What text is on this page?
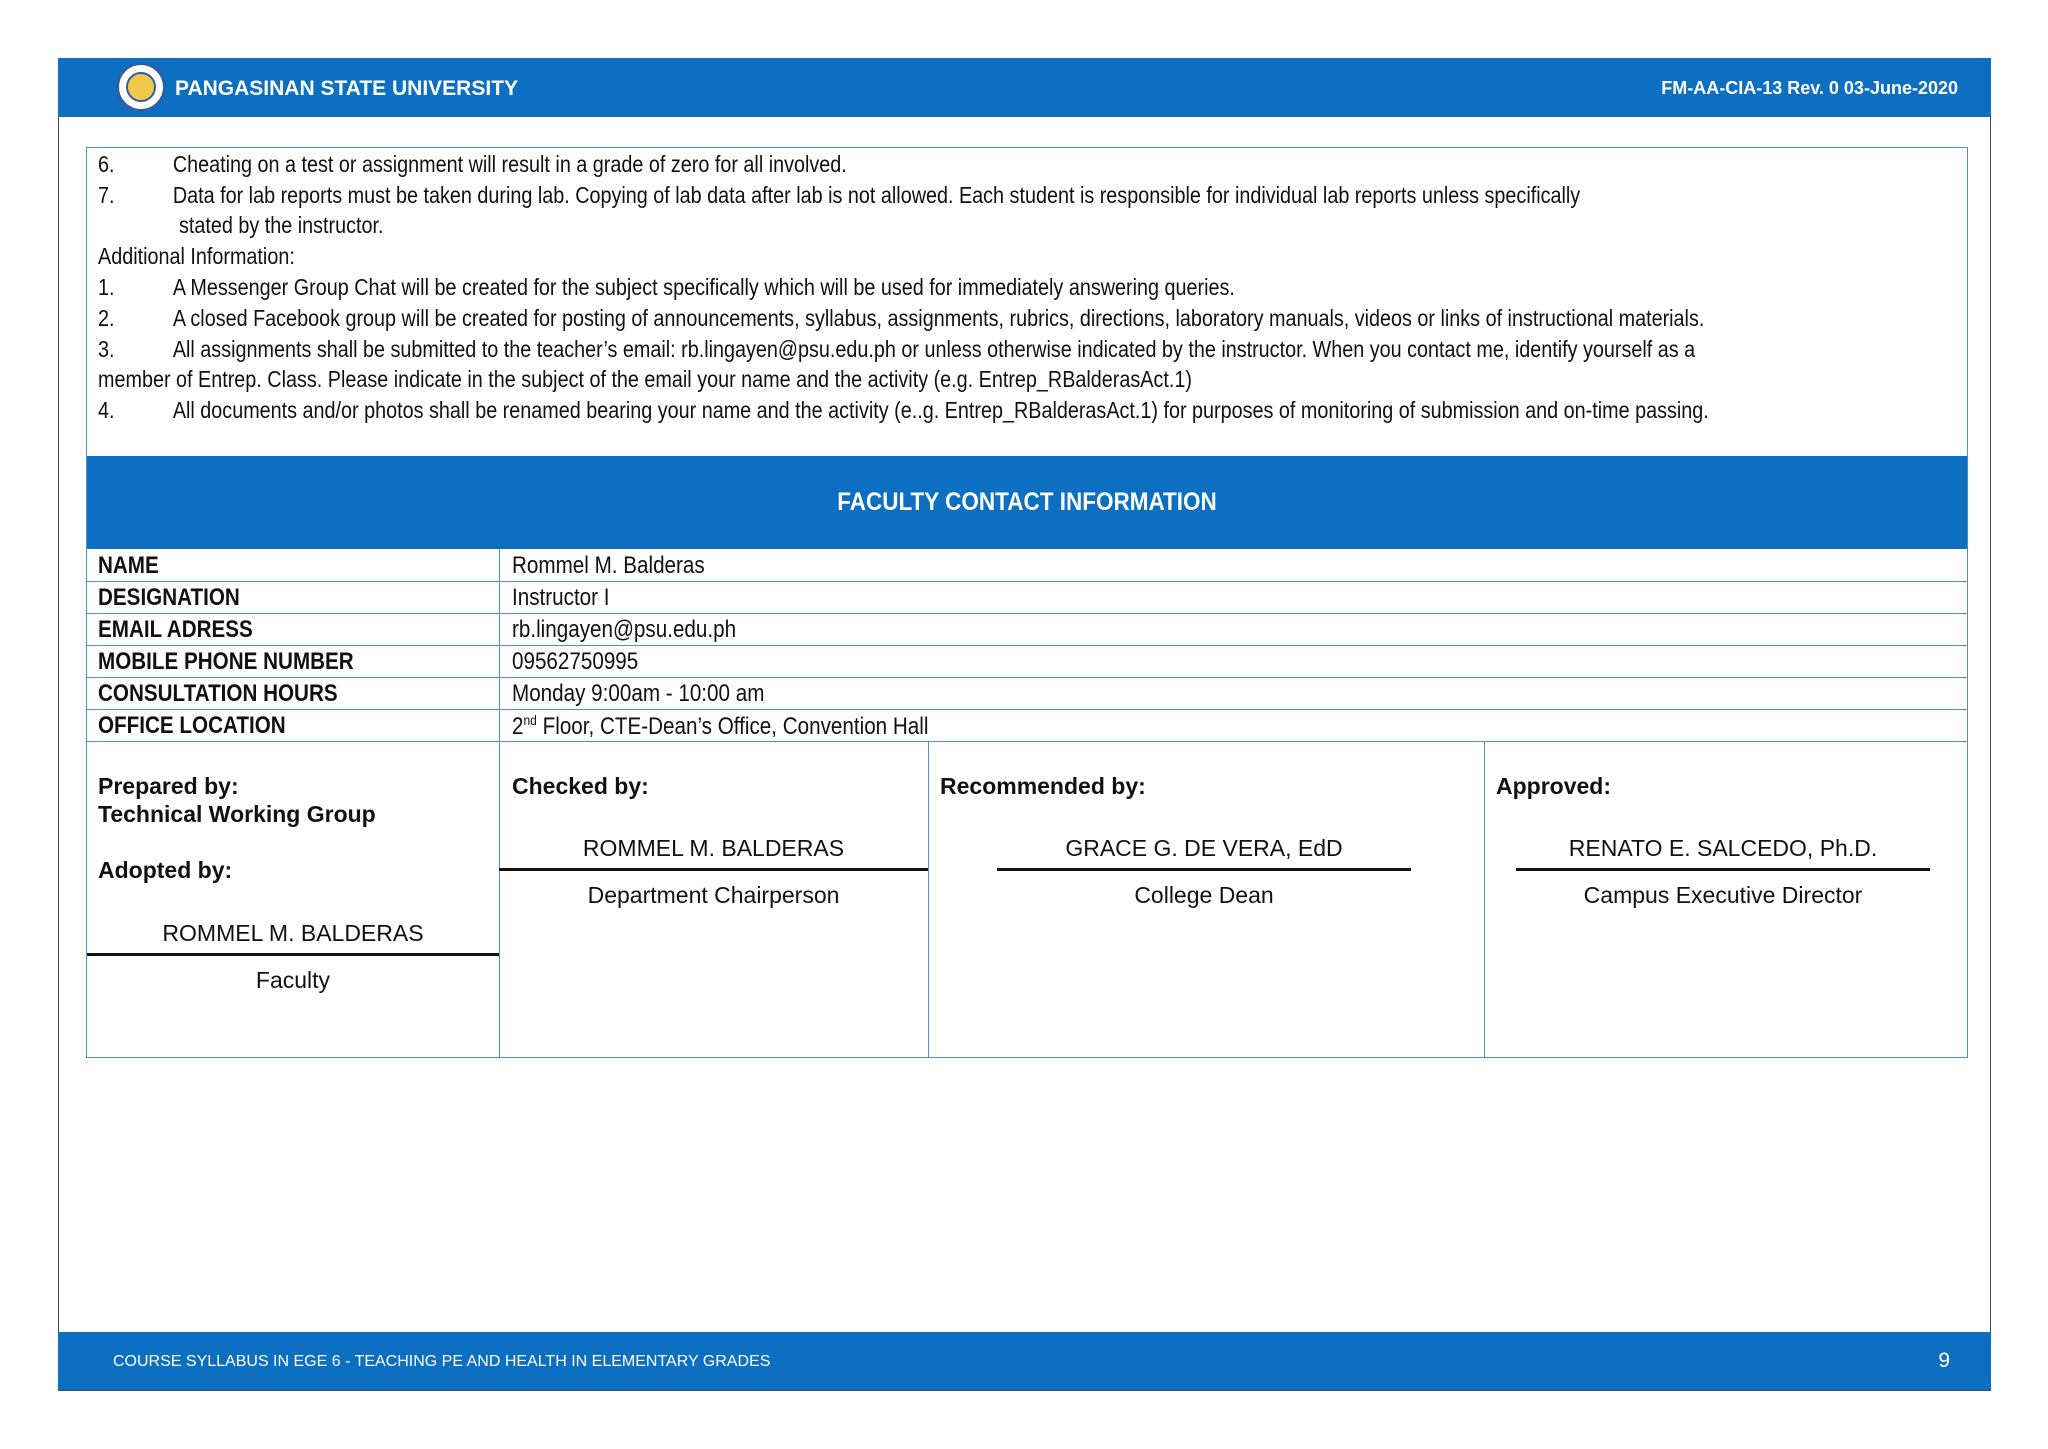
PANGASINAN STATE UNIVERSITY	FM-AA-CIA-13 Rev. 0 03-June-2020
6.	Cheating on a test or assignment will result in a grade of zero for all involved.
7.	Data for lab reports must be taken during lab. Copying of lab data after lab is not allowed. Each student is responsible for individual lab reports unless specifically
stated by the instructor.
Additional Information:
1.	A Messenger Group Chat will be created for the subject specifically which will be used for immediately answering queries.
2.	A closed Facebook group will be created for posting of announcements, syllabus, assignments, rubrics, directions, laboratory manuals, videos or links of instructional materials.
3.	All assignments shall be submitted to the teacher’s email: rb.lingayen@psu.edu.ph or unless otherwise indicated by the instructor. When you contact me, identify yourself as a
member of Entrep. Class. Please indicate in the subject of the email your name and the activity (e.g. Entrep_RBalderasAct.1)
4.	All documents and/or photos shall be renamed bearing your name and the activity (e..g. Entrep_RBalderasAct.1) for purposes of monitoring of submission and on-time passing.
FACULTY CONTACT INFORMATION
NAME	Rommel M. Balderas
DESIGNATION	Instructor I
EMAIL ADRESS	rb.lingayen@psu.edu.ph
MOBILE PHONE NUMBER	09562750995
CONSULTATION HOURS	Monday 9:00am - 10:00 am
OFFICE LOCATION	2nd Floor, CTE-Dean’s Office, Convention Hall
Prepared by:
Technical Working Group
Adopted by:
ROMMEL M. BALDERAS
Faculty
Checked by:
ROMMEL M. BALDERAS
Department Chairperson
Recommended by:
GRACE G. DE VERA, EdD
College Dean
Approved:
RENATO E. SALCEDO, Ph.D.
Campus Executive Director
COURSE SYLLABUS IN EGE 6 - TEACHING PE AND HEALTH IN ELEMENTARY GRADES	9
